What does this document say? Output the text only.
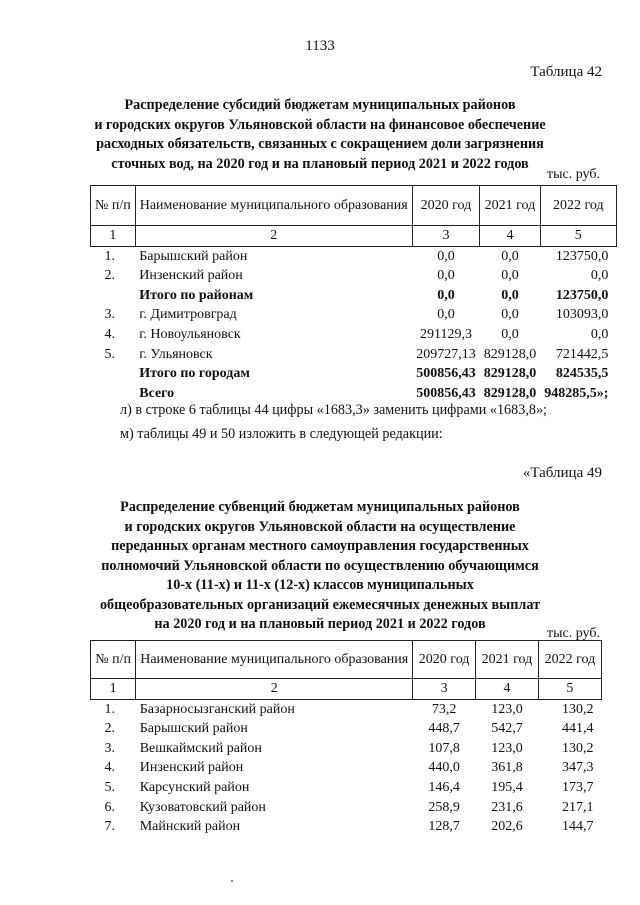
1133
Таблица 42
Распределение субсидий бюджетам муниципальных районов
и городских округов Ульяновской области на финансовое обеспечение
расходных обязательств, связанных с сокращением доли загрязнения
сточных вод, на 2020 год и на плановый период 2021 и 2022 годов
тыс. руб.
№ п/п	Наименование муниципального образования	2020 год	2021 год	2022 год
1	2	3	4	5
1.	Барышский район	0,0	0,0	123750,0
2.	Инзенский район	0,0	0,0	0,0
	Итого по районам	0,0	0,0	123750,0
3.	г. Димитровград	0,0	0,0	103093,0
4.	г. Новоульяновск	291129,3	0,0	0,0
5.	г. Ульяновск	209727,13	829128,0	721442,5
	Итого по городам	500856,43	829128,0	824535,5
	Всего	500856,43	829128,0	948285,5»;
л) в строке 6 таблицы 44 цифры «1683,3» заменить цифрами «1683,8»;
м) таблицы 49 и 50 изложить в следующей редакции:
«Таблица 49
Распределение субвенций бюджетам муниципальных районов
и городских округов Ульяновской области на осуществление
переданных органам местного самоуправления государственных
полномочий Ульяновской области по осуществлению обучающимся
10-х (11-х) и 11-х (12-х) классов муниципальных
общеобразовательных организаций ежемесячных денежных выплат
на 2020 год и на плановый период 2021 и 2022 годов
тыс. руб.
№ п/п	Наименование муниципального образования	2020 год	2021 год	2022 год
1	2	3	4	5
1.	Базарносызганский район	73,2	123,0	130,2
2.	Барышский район	448,7	542,7	441,4
3.	Вешкаймский район	107,8	123,0	130,2
4.	Инзенский район	440,0	361,8	347,3
5.	Карсунский район	146,4	195,4	173,7
6.	Кузоватовский район	258,9	231,6	217,1
7.	Майнский район	128,7	202,6	144,7
